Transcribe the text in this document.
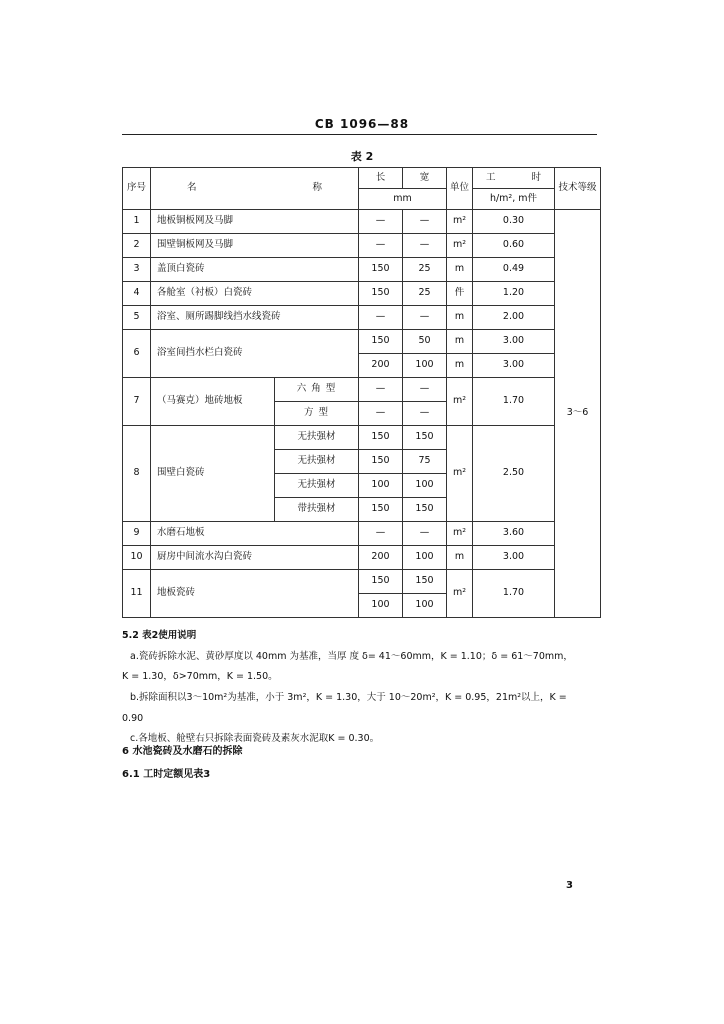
CB 1096—88
表 2
序号	名 称		长	宽	单位	工 时	技术等级
			mm			h/m², m件	
1	地板铜板网及马脚		—	—	m²	0.30	3～6
2	围壁铜板网及马脚		—	—	m²	0.60	
3	盖顶白瓷砖		150	25	m	0.49	
4	各舱室（衬板）白瓷砖		150	25	件	1.20	
5	浴室、厕所踢脚线挡水线瓷砖		—	—	m	2.00	
6	浴室间挡水栏白瓷砖		150	50	m	3.00	
			200	100	m	3.00	
7	（马赛克）地砖地板	六 角 型	—	—	m²	1.70	
		方 型	—	—			
8	围壁白瓷砖	无扶强材	150	150	m²	2.50	
		无扶强材	150	75			
		无扶强材	100	100			
		带扶强材	150	150			
9	水磨石地板		—	—	m²	3.60	
10	厨房中间流水沟白瓷砖		200	100	m	3.00	
11	地板瓷砖		150	150	m²	1.70	
			100	100			

5.2 表2使用说明

a.瓷砖拆除水泥、黄砂厚度以 40mm 为基准，当厚 度 δ= 41～60mm，K = 1.10；δ = 61～70mm，

K = 1.30，δ>70mm，K = 1.50。

b.拆除面积以3～10m²为基准，小于 3m²，K = 1.30，大于 10～20m²，K = 0.95，21m²以上，K =

0.90

c.各地板、舱壁右只拆除表面瓷砖及素灰水泥取K = 0.30。

6 水池瓷砖及水磨石的拆除
6.1 工时定额见表3
3
